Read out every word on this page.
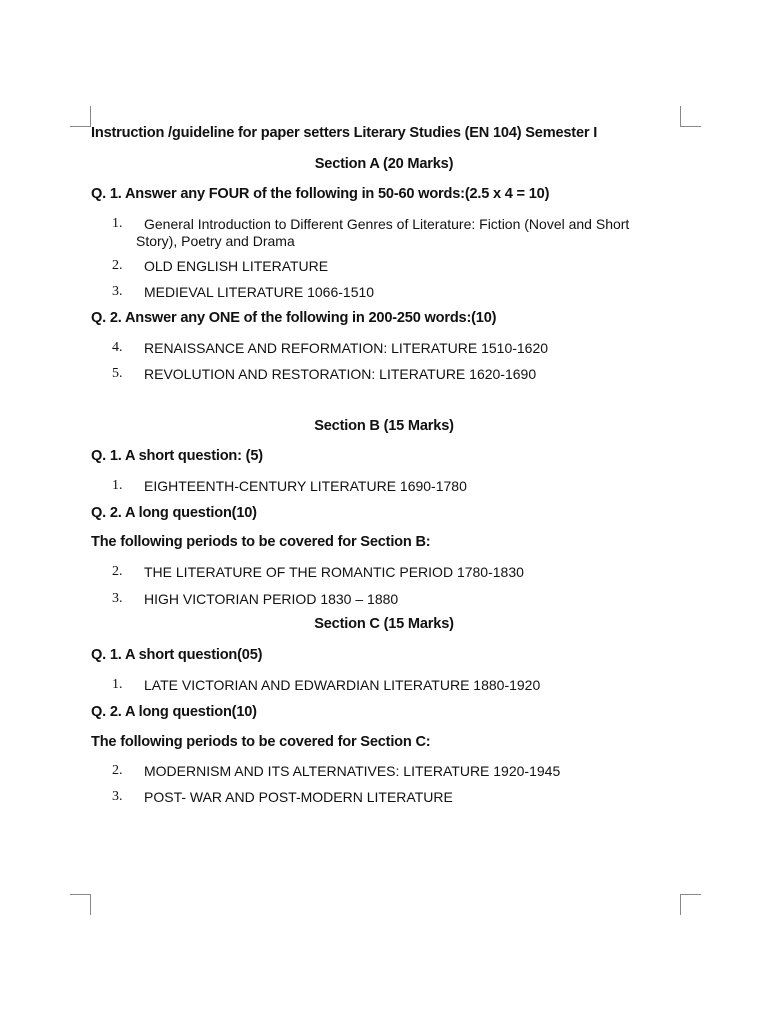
Instruction /guideline for paper setters Literary Studies (EN 104) Semester I
Section A (20 Marks)
Q. 1. Answer any FOUR of the following in 50-60 words:(2.5 x 4 = 10)
1. General Introduction to Different Genres of Literature: Fiction (Novel and Short
Story), Poetry and Drama
2. OLD ENGLISH LITERATURE
3. MEDIEVAL LITERATURE 1066-1510
Q. 2. Answer any ONE of the following in 200-250 words:(10)
4. RENAISSANCE AND REFORMATION: LITERATURE 1510-1620
5. REVOLUTION AND RESTORATION: LITERATURE 1620-1690
Section B (15 Marks)
Q. 1. A short question: (5)
1. EIGHTEENTH-CENTURY LITERATURE 1690-1780
Q. 2. A long question(10)
The following periods to be covered for Section B:
2. THE LITERATURE OF THE ROMANTIC PERIOD 1780-1830
3. HIGH VICTORIAN PERIOD 1830 – 1880
Section C (15 Marks)
Q. 1. A short question(05)
1. LATE VICTORIAN AND EDWARDIAN LITERATURE 1880-1920
Q. 2. A long question(10)
The following periods to be covered for Section C:
2. MODERNISM AND ITS ALTERNATIVES: LITERATURE 1920-1945
3. POST- WAR AND POST-MODERN LITERATURE
